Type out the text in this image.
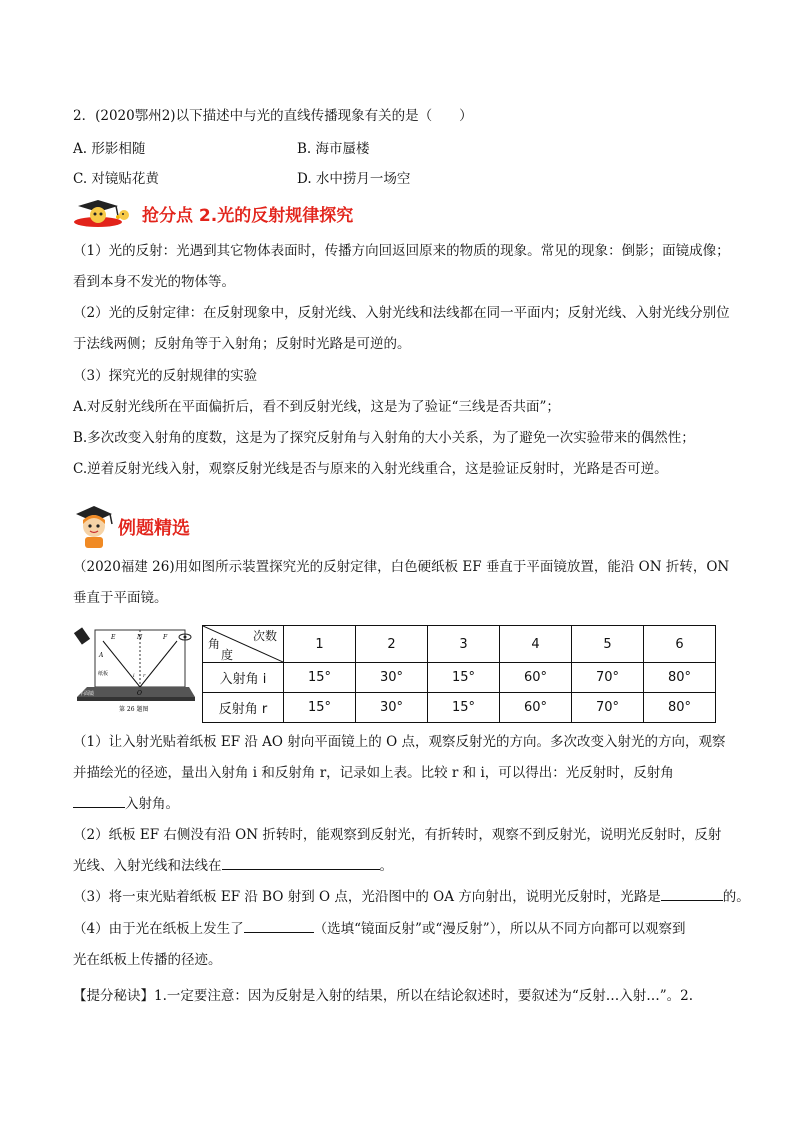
2．(2020鄂州2)以下描述中与光的直线传播现象有关的是（　　）
A. 形影相随	B. 海市蜃楼
C. 对镜贴花黄	D. 水中捞月一场空
抢分点 2.光的反射规律探究
（1）光的反射：光遇到其它物体表面时，传播方向回返回原来的物质的现象。常见的现象：倒影；面镜成像；看到本身不发光的物体等。
（2）光的反射定律：在反射现象中，反射光线、入射光线和法线都在同一平面内；反射光线、入射光线分别位于法线两侧；反射角等于入射角；反射时光路是可逆的。
（3）探究光的反射规律的实验
A.对反射光线所在平面偏折后，看不到反射光线，这是为了验证“三线是否共面”；
B.多次改变入射角的度数，这是为了探究反射角与入射角的大小关系，为了避免一次实验带来的偶然性；
C.逆着反射光线入射，观察反射光线是否与原来的入射光线重合，这是验证反射时，光路是否可逆。
例题精选
（2020福建 26)用如图所示装置探究光的反射定律，白色硬纸板 EF 垂直于平面镜放置，能沿 ON 折转，ON 垂直于平面镜。
E	N	F
A
O
i r
纸板
平面镜
第 26 题图
次数
角
度	1	2	3	4	5	6
入射角 i	15°	30°	15°	60°	70°	80°
反射角 r	15°	30°	15°	60°	70°	80°
（1）让入射光贴着纸板 EF 沿 AO 射向平面镜上的 O 点，观察反射光的方向。多次改变入射光的方向，观察
并描绘光的径迹，量出入射角 i 和反射角 r，记录如上表。比较 r 和 i，可以得出：光反射时，反射角
入射角。
（2）纸板 EF 右侧没有沿 ON 折转时，能观察到反射光，有折转时，观察不到反射光，说明光反射时，反射
光线、入射光线和法线在	。
（3）将一束光贴着纸板 EF 沿 BO 射到 O 点，光沿图中的 OA 方向射出，说明光反射时，光路是	的。
（4）由于光在纸板上发生了	（选填“镜面反射”或“漫反射”），所以从不同方向都可以观察到
光在纸板上传播的径迹。
【提分秘诀】1.一定要注意：因为反射是入射的结果，所以在结论叙述时，要叙述为“反射…入射…”。2.
